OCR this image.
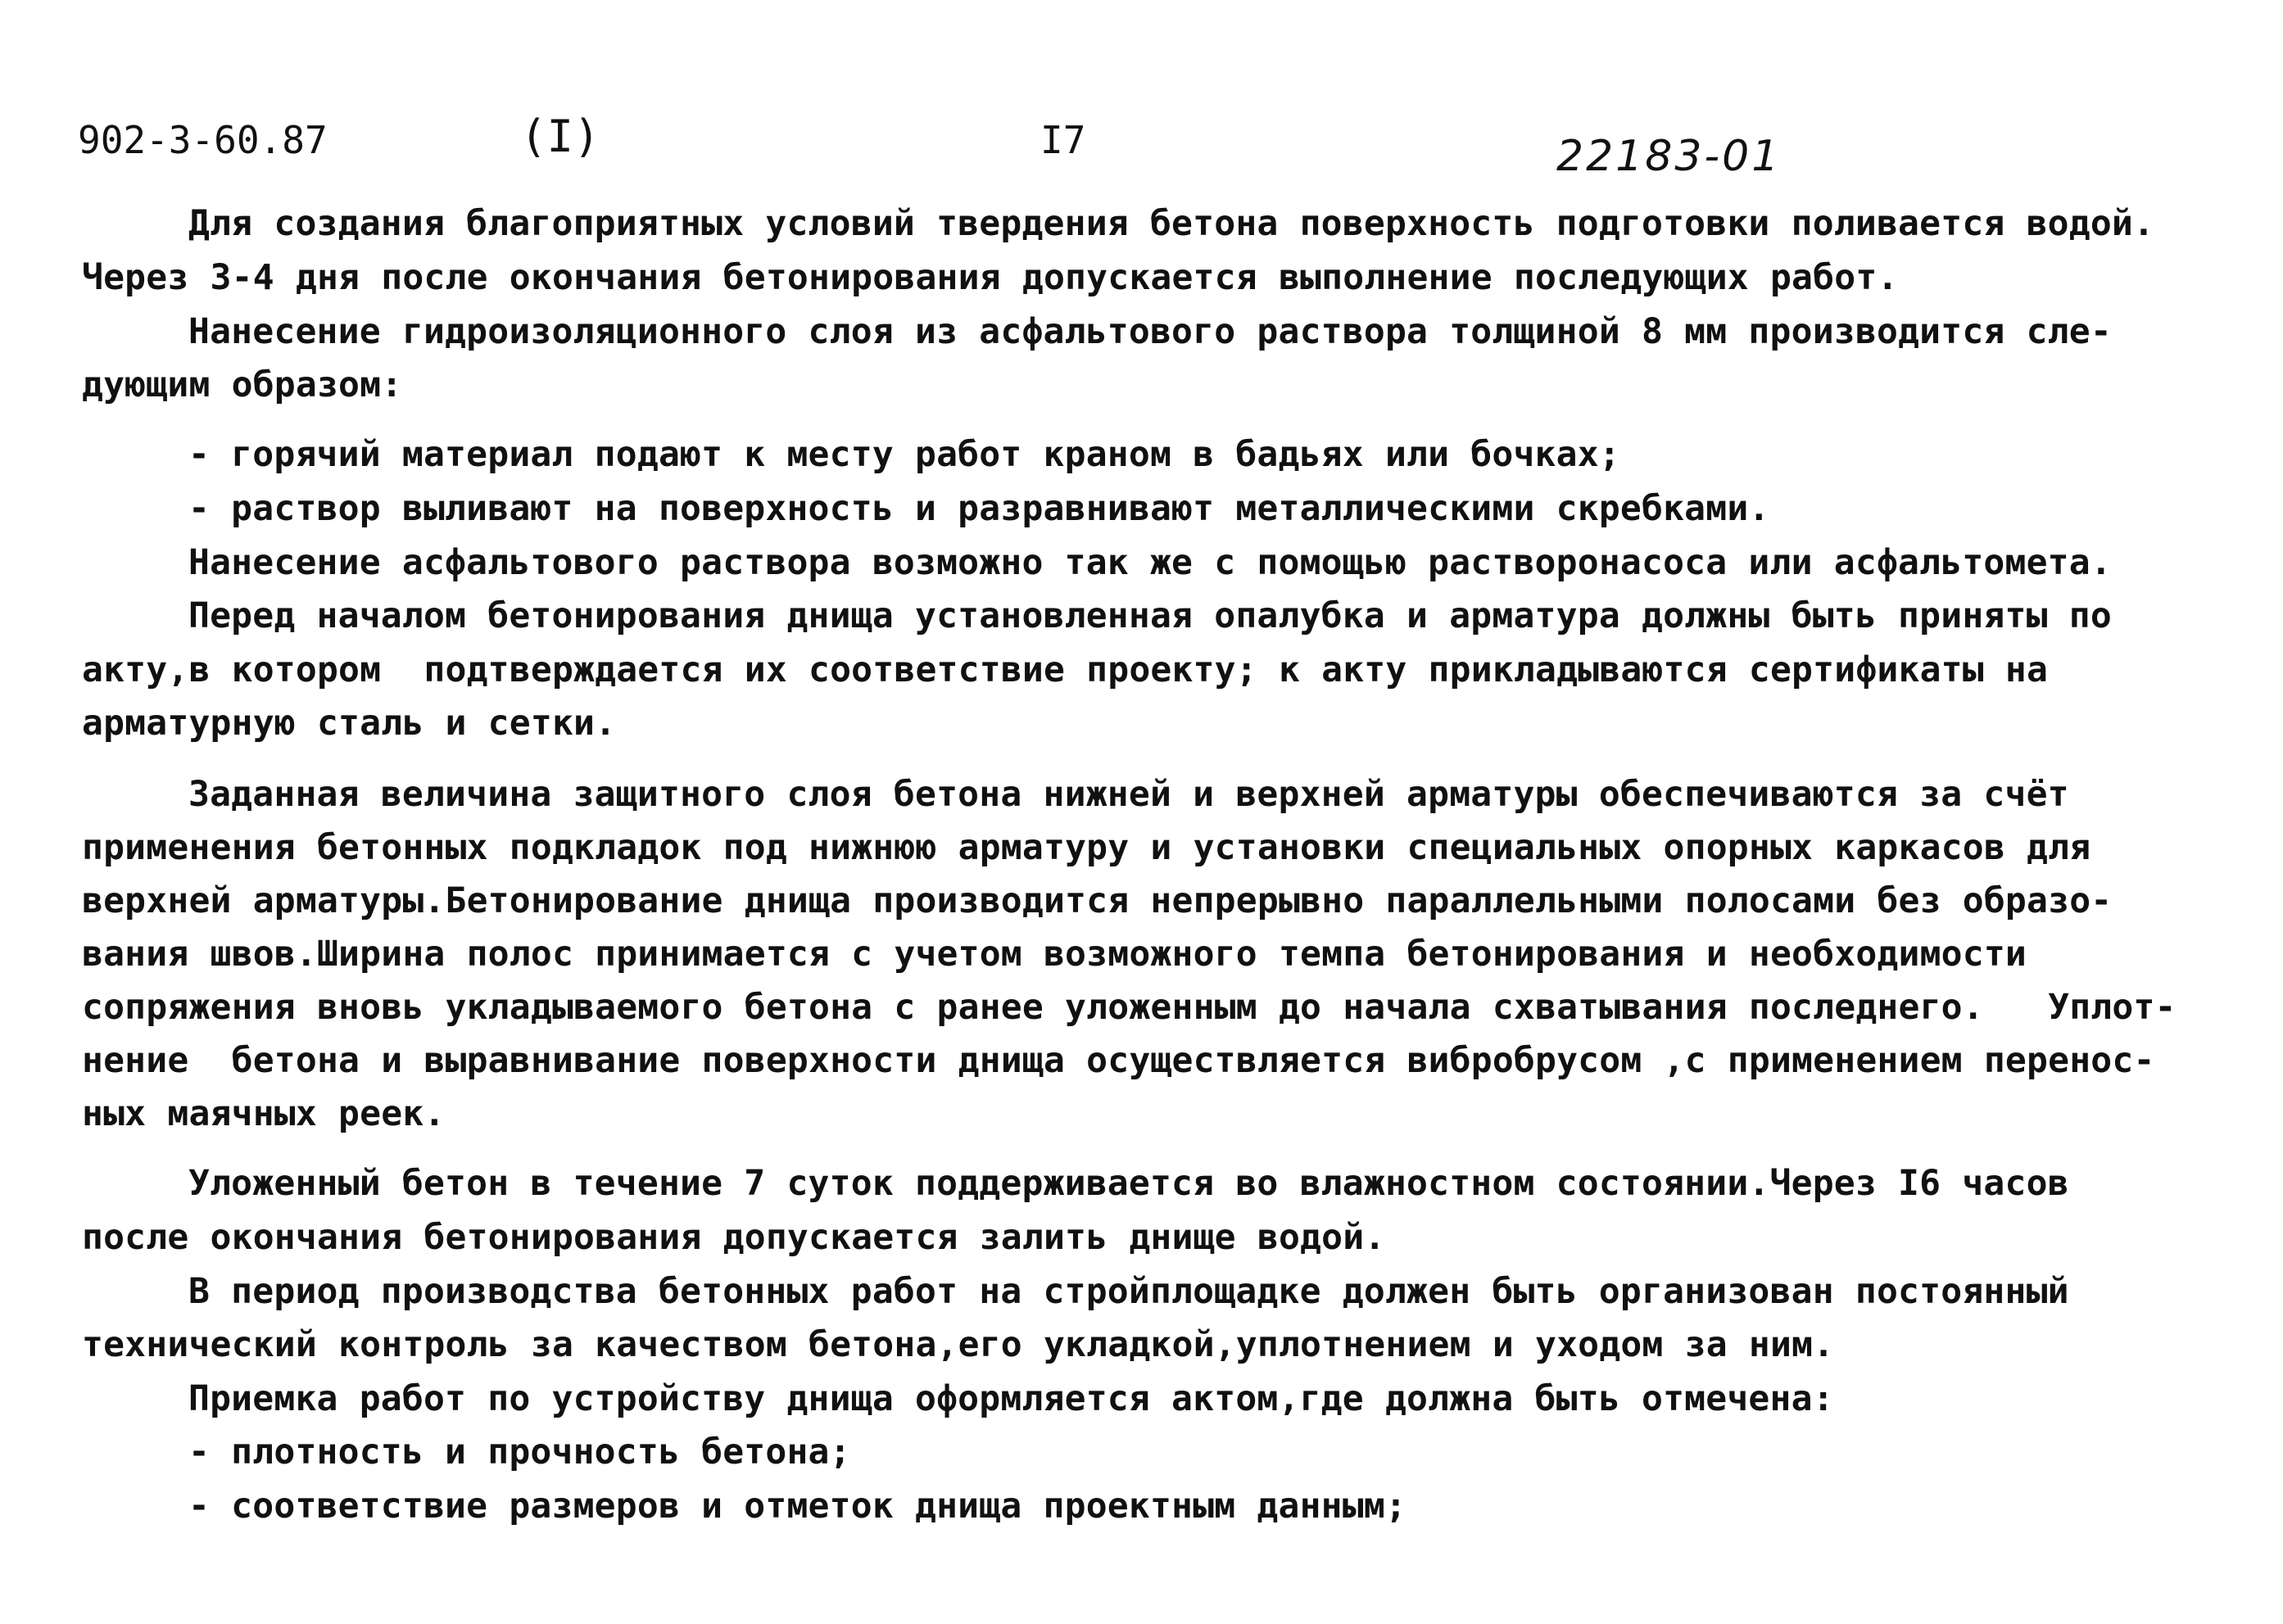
902-3-60.87	(I)	I7	22183-01
Для создания благоприятных условий твердения бетона поверхность подготовки поливается водой.
Через 3-4 дня после окончания бетонирования допускается выполнение последующих работ.
Нанесение гидроизоляционного слоя из асфальтового раствора толщиной 8 мм производится сле-
дующим образом:
- горячий материал подают к месту работ краном в бадьях или бочках;
- раствор выливают на поверхность и разравнивают металлическими скребками.
Нанесение асфальтового раствора возможно так же с помощью растворонасоса или асфальтомета.
Перед началом бетонирования днища установленная опалубка и арматура должны быть приняты по
акту,в котором  подтверждается их соответствие проекту; к акту прикладываются сертификаты на
арматурную сталь и сетки.
Заданная величина защитного слоя бетона нижней и верхней арматуры обеспечиваются за счёт
применения бетонных подкладок под нижнюю арматуру и установки специальных опорных каркасов для
верхней арматуры.Бетонирование днища производится непрерывно параллельными полосами без образо-
вания швов.Ширина полос принимается с учетом возможного темпа бетонирования и необходимости
сопряжения вновь укладываемого бетона с ранее уложенным до начала схватывания последнего.   Уплот-
нение  бетона и выравнивание поверхности днища осуществляется вибробрусом ,с применением перенос-
ных маячных реек.
Уложенный бетон в течение 7 суток поддерживается во влажностном состоянии.Через I6 часов
после окончания бетонирования допускается залить днище водой.
В период производства бетонных работ на стройплощадке должен быть организован постоянный
технический контроль за качеством бетона,его укладкой,уплотнением и уходом за ним.
Приемка работ по устройству днища оформляется актом,где должна быть отмечена:
- плотность и прочность бетона;
- соответствие размеров и отметок днища проектным данным;
